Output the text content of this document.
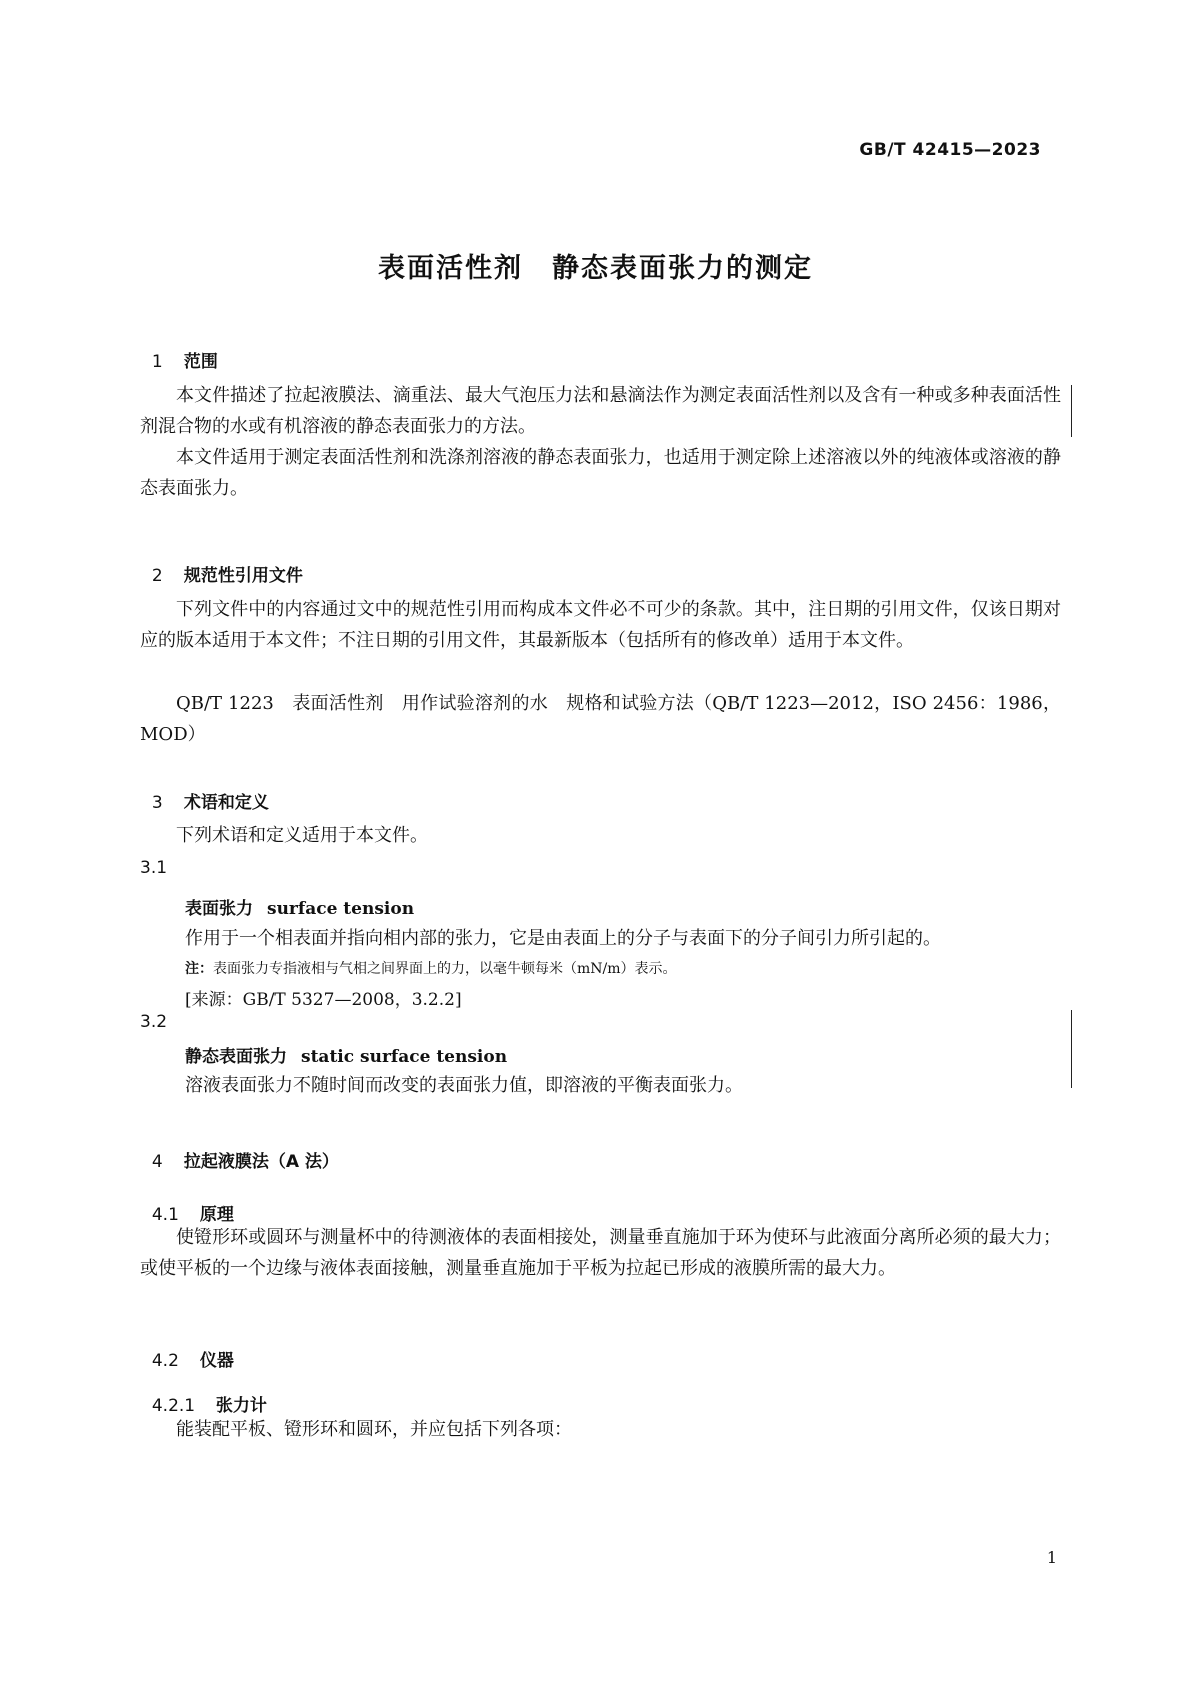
GB/T 42415—2023
表面活性剂　静态表面张力的测定

1 范围

本文件描述了拉起液膜法、滴重法、最大气泡压力法和悬滴法作为测定表面活性剂以及含有一种或多种表面活性剂混合物的水或有机溶液的静态表面张力的方法。

本文件适用于测定表面活性剂和洗涤剂溶液的静态表面张力，也适用于测定除上述溶液以外的纯液体或溶液的静态表面张力。

2 规范性引用文件

下列文件中的内容通过文中的规范性引用而构成本文件必不可少的条款。其中，注日期的引用文件，仅该日期对应的版本适用于本文件；不注日期的引用文件，其最新版本（包括所有的修改单）适用于本文件。

QB/T 1223　表面活性剂　用作试验溶剂的水　规格和试验方法（QB/T 1223—2012，ISO 2456：1986，MOD）

3 术语和定义

下列术语和定义适用于本文件。

3.1
表面张力 surface tension
作用于一个相表面并指向相内部的张力，它是由表面上的分子与表面下的分子间引力所引起的。
注：表面张力专指液相与气相之间界面上的力，以毫牛顿每米（mN/m）表示。
[来源：GB/T 5327—2008，3.2.2]
3.2
静态表面张力 static surface tension
溶液表面张力不随时间而改变的表面张力值，即溶液的平衡表面张力。

4 拉起液膜法（A 法）

4.1 原理

使镫形环或圆环与测量杯中的待测液体的表面相接处，测量垂直施加于环为使环与此液面分离所必须的最大力；或使平板的一个边缘与液体表面接触，测量垂直施加于平板为拉起已形成的液膜所需的最大力。

4.2 仪器

4.2.1 张力计

能装配平板、镫形环和圆环，并应包括下列各项：

1
